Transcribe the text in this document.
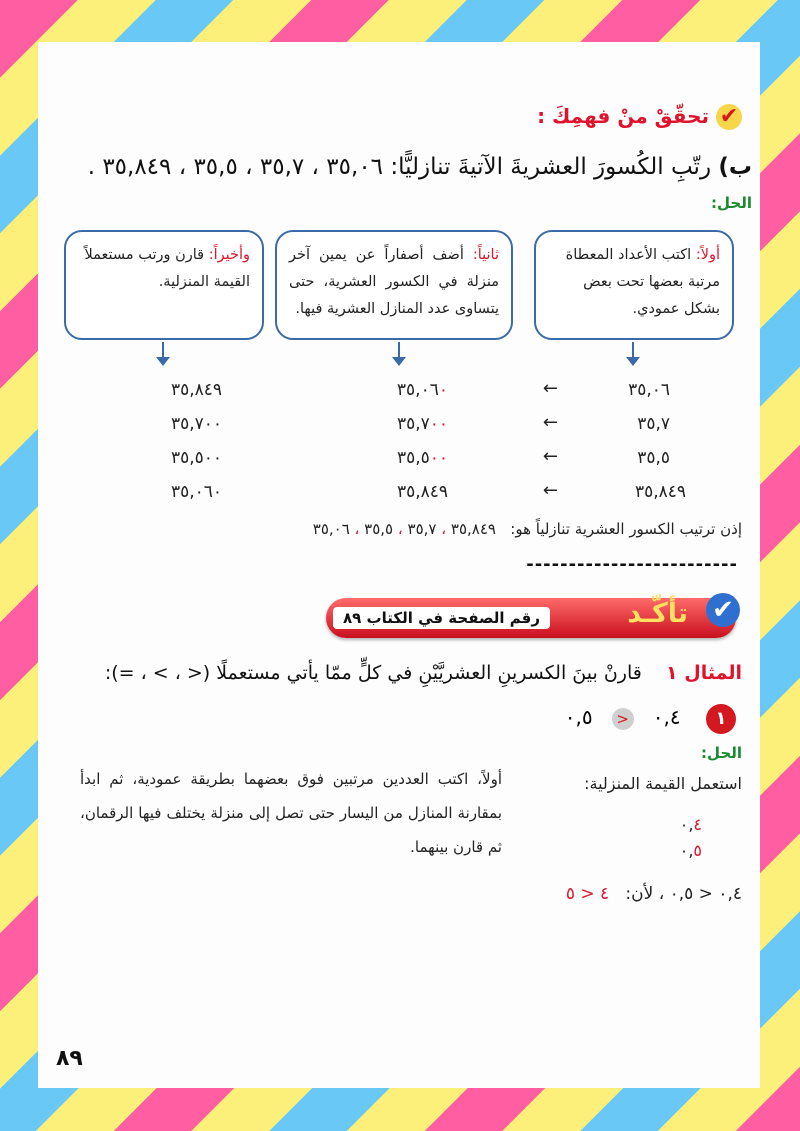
✔ تحقّقْ منْ فهمِكَ :
ب) رتّبِ الكُسورَ العشريةَ الآتيةَ تنازليًّا: ٣٥,٠٦ ، ٣٥,٧ ، ٣٥,٥ ، ٣٥,٨٤٩ .
الحل:
أولاً: اكتب الأعداد المعطاة مرتبة بعضها تحت بعض بشكل عمودي.
ثانياً: أضف أصفاراً عن يمين آخر منزلة في الكسور العشرية، حتى يتساوى عدد المنازل العشرية فيها.
وأخيراً: قارن ورتب مستعملاً القيمة المنزلية.
٣٥,٠٦
٣٥,٧
٣٥,٥
٣٥,٨٤٩
←
←
←
←
٣٥,٠٦٠
٣٥,٧٠٠
٣٥,٥٠٠
٣٥,٨٤٩
٣٥,٨٤٩
٣٥,٧٠٠
٣٥,٥٠٠
٣٥,٠٦٠
إذن ترتيب الكسور العشرية تنازلياً هو:   ٣٥,٨٤٩ ، ٣٥,٧ ، ٣٥,٥ ، ٣٥,٠٦
-------------------------
تأكّـد
رقم الصفحة في الكتاب ٨٩	✔
المثال ١    قارنْ بينَ الكسرينِ العشريَّيْنِ في كلٍّ ممّا يأتي مستعملًا (< ، > ، =):
١    ٠,٤   <   ٠,٥
الحل:
استعمل القيمة المنزلية:
٠,٤
٠,٥
أولاً، اكتب العددين مرتبين فوق بعضهما بطريقة عمودية، ثم ابدأ بمقارنة المنازل من اليسار حتى تصل إلى منزلة يختلف فيها الرقمان، ثم قارن بينهما.
٠,٤ < ٠,٥ ، لأن:   ٤ < ٥
٨٩
